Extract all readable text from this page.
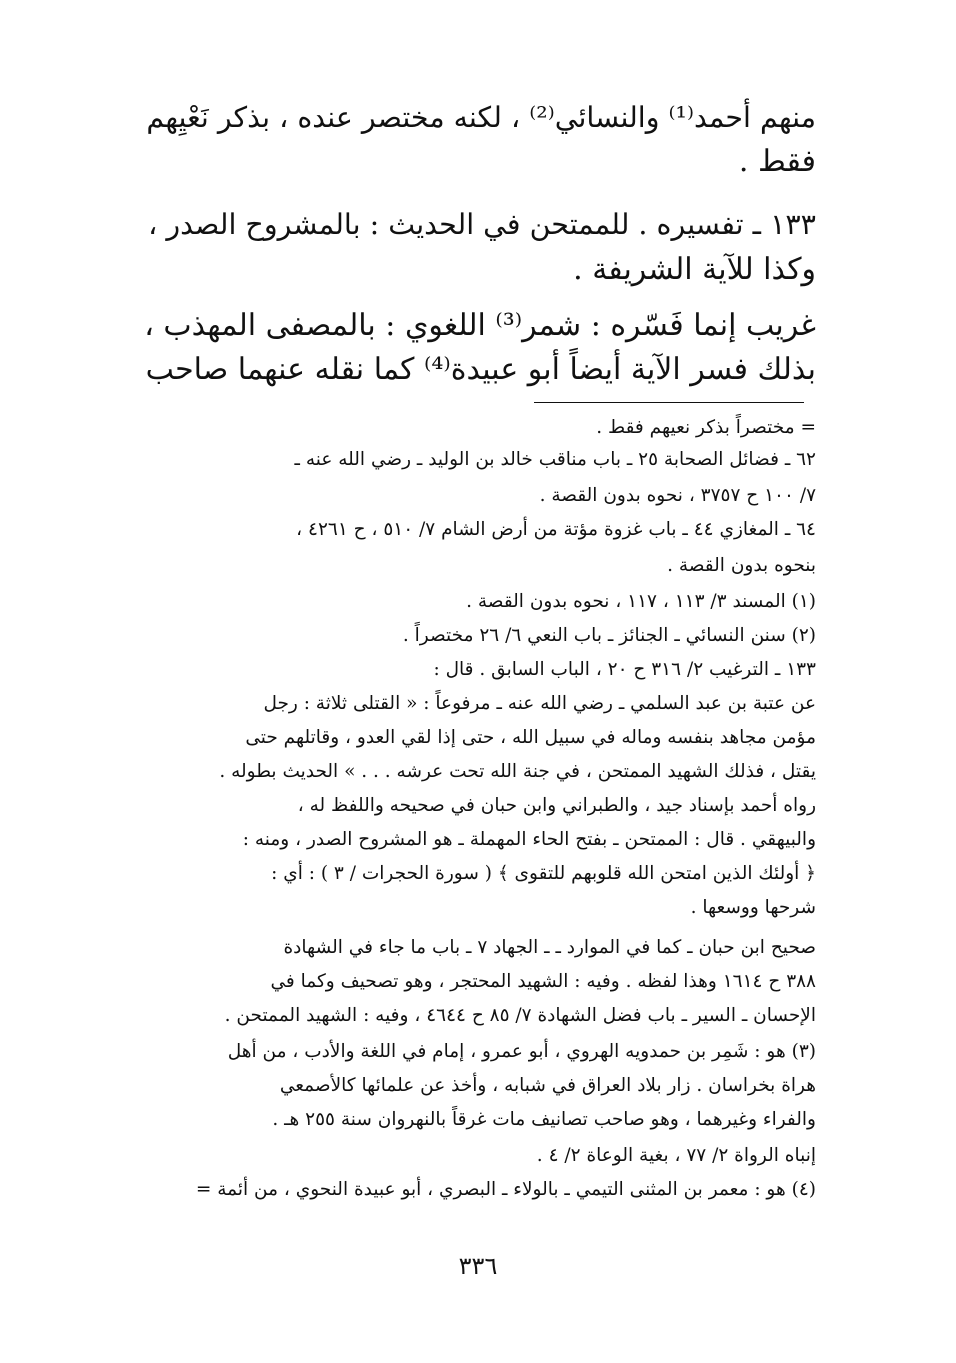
منهم أحمد⁽¹⁾ والنسائي⁽²⁾ ، لكنه مختصر عنده ، بذكر نَعْيِهم
فقط .
١٣٣ ـ تفسيره . للممتحن في الحديث : بالمشروح الصدر ،
وكذا للآية الشريفة .
غريب إنما فَسّره : شمر⁽³⁾ اللغوي : بالمصفى المهذب ،
بذلك فسر الآية أيضاً أبو عبيدة⁽⁴⁾ كما نقله عنهما صاحب
= مختصراً بذكر نعيهم فقط .
٦٢ ـ فضائل الصحابة ٢٥ ـ باب مناقب خالد بن الوليد ـ رضي الله عنه ـ
٧/ ١٠٠ ح ٣٧٥٧ ، نحوه بدون القصة .
٦٤ ـ المغازي ٤٤ ـ باب غزوة مؤتة من أرض الشام ٧/ ٥١٠ ، ح ٤٢٦١ ،
بنحوه بدون القصة .
(١) المسند ٣/ ١١٣ ، ١١٧ ، نحوه بدون القصة .
(٢) سنن النسائي ـ الجنائز ـ باب النعي ٦/ ٢٦ مختصراً .
١٣٣ ـ الترغيب ٢/ ٣١٦ ح ٢٠ ، الباب السابق . قال :
عن عتبة بن عبد السلمي ـ رضي الله عنه ـ مرفوعاً : « القتلى ثلاثة : رجل
مؤمن مجاهد بنفسه وماله في سبيل الله ، حتى إذا لقي العدو ، وقاتلهم حتى
يقتل ، فذلك الشهيد الممتحن ، في جنة الله تحت عرشه . . . » الحديث بطوله .
رواه أحمد بإسناد جيد ، والطبراني وابن حبان في صحيحه واللفظ له ،
والبيهقي . قال : الممتحن ـ بفتح الحاء المهملة ـ هو المشروح الصدر ، ومنه :
﴿ أولئك الذين امتحن الله قلوبهم للتقوى ﴾ ( سورة الحجرات / ٣ ) : أي :
شرحها ووسعها .
صحيح ابن حبان ـ كما في الموارد ـ ـ الجهاد ٧ ـ باب ما جاء في الشهادة
٣٨٨ ح ١٦١٤ وهذا لفظه . وفيه : الشهيد المحتجر ، وهو تصحيف وكما في
الإحسان ـ السير ـ باب فضل الشهادة ٧/ ٨٥ ح ٤٦٤٤ ، وفيه : الشهيد الممتحن .
(٣) هو : شَمِر بن حمدويه الهروي ، أبو عمرو ، إمام في اللغة والأدب ، من أهل
هراة بخراسان . زار بلاد العراق في شبابه ، وأخذ عن علمائها كالأصمعي
والفراء وغيرهما ، وهو صاحب تصانيف مات غرقاً بالنهروان سنة ٢٥٥ هـ .
إنباه الرواة ٢/ ٧٧ ، بغية الوعاة ٢/ ٤ .
(٤) هو : معمر بن المثنى التيمي ـ بالولاء ـ البصري ، أبو عبيدة النحوي ، من أئمة =
٣٣٦
